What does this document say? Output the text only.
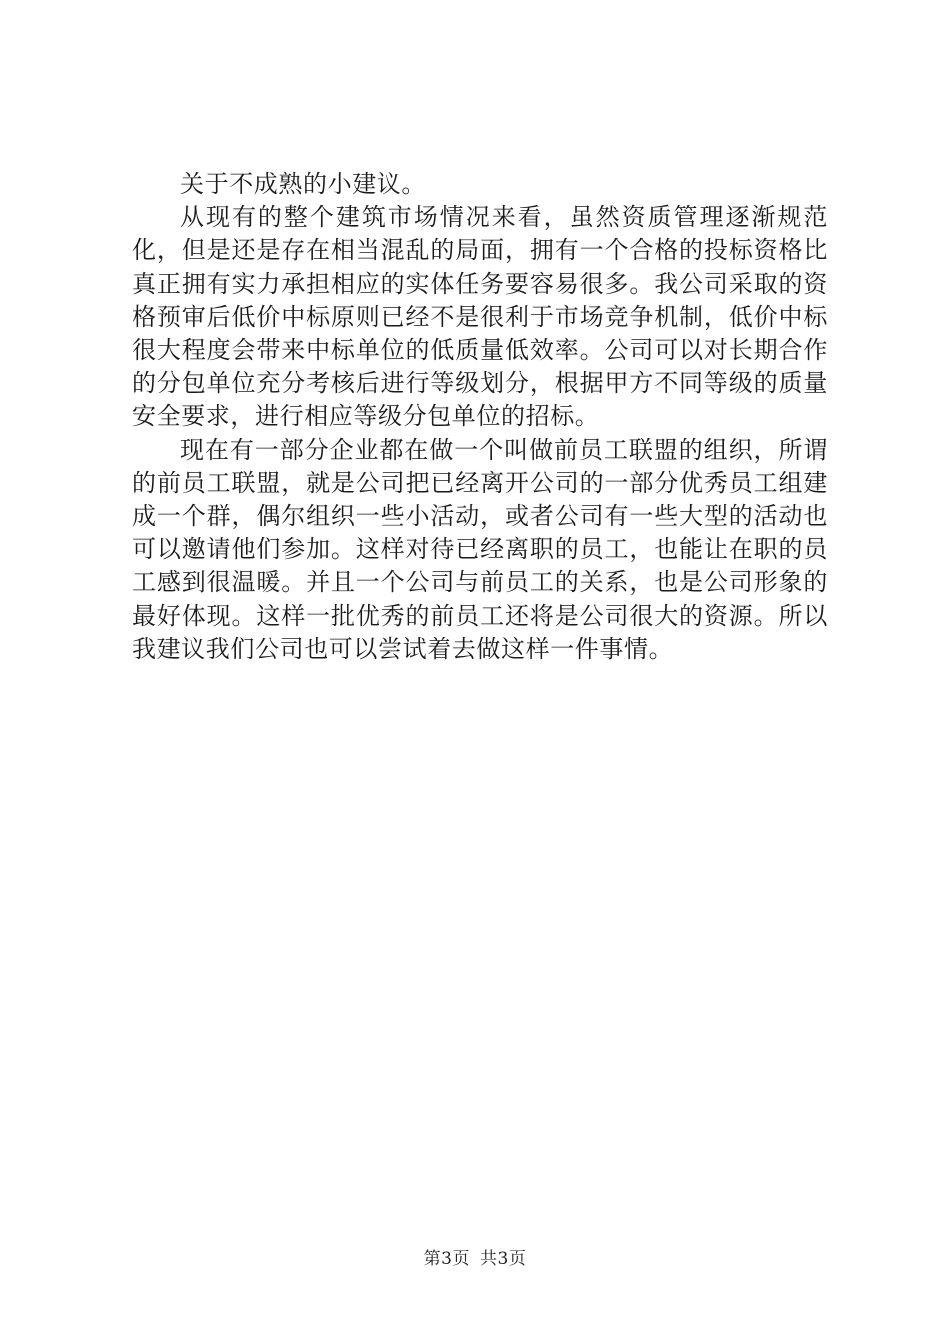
关于不成熟的小建议。

从现有的整个建筑市场情况来看，虽然资质管理逐渐规范化，但是还是存在相当混乱的局面，拥有一个合格的投标资格比真正拥有实力承担相应的实体任务要容易很多。我公司采取的资格预审后低价中标原则已经不是很利于市场竞争机制，低价中标很大程度会带来中标单位的低质量低效率。公司可以对长期合作的分包单位充分考核后进行等级划分，根据甲方不同等级的质量安全要求，进行相应等级分包单位的招标。

现在有一部分企业都在做一个叫做前员工联盟的组织，所谓的前员工联盟，就是公司把已经离开公司的一部分优秀员工组建成一个群，偶尔组织一些小活动，或者公司有一些大型的活动也可以邀请他们参加。这样对待已经离职的员工，也能让在职的员工感到很温暖。并且一个公司与前员工的关系，也是公司形象的最好体现。这样一批优秀的前员工还将是公司很大的资源。所以我建议我们公司也可以尝试着去做这样一件事情。

第3页 共3页
